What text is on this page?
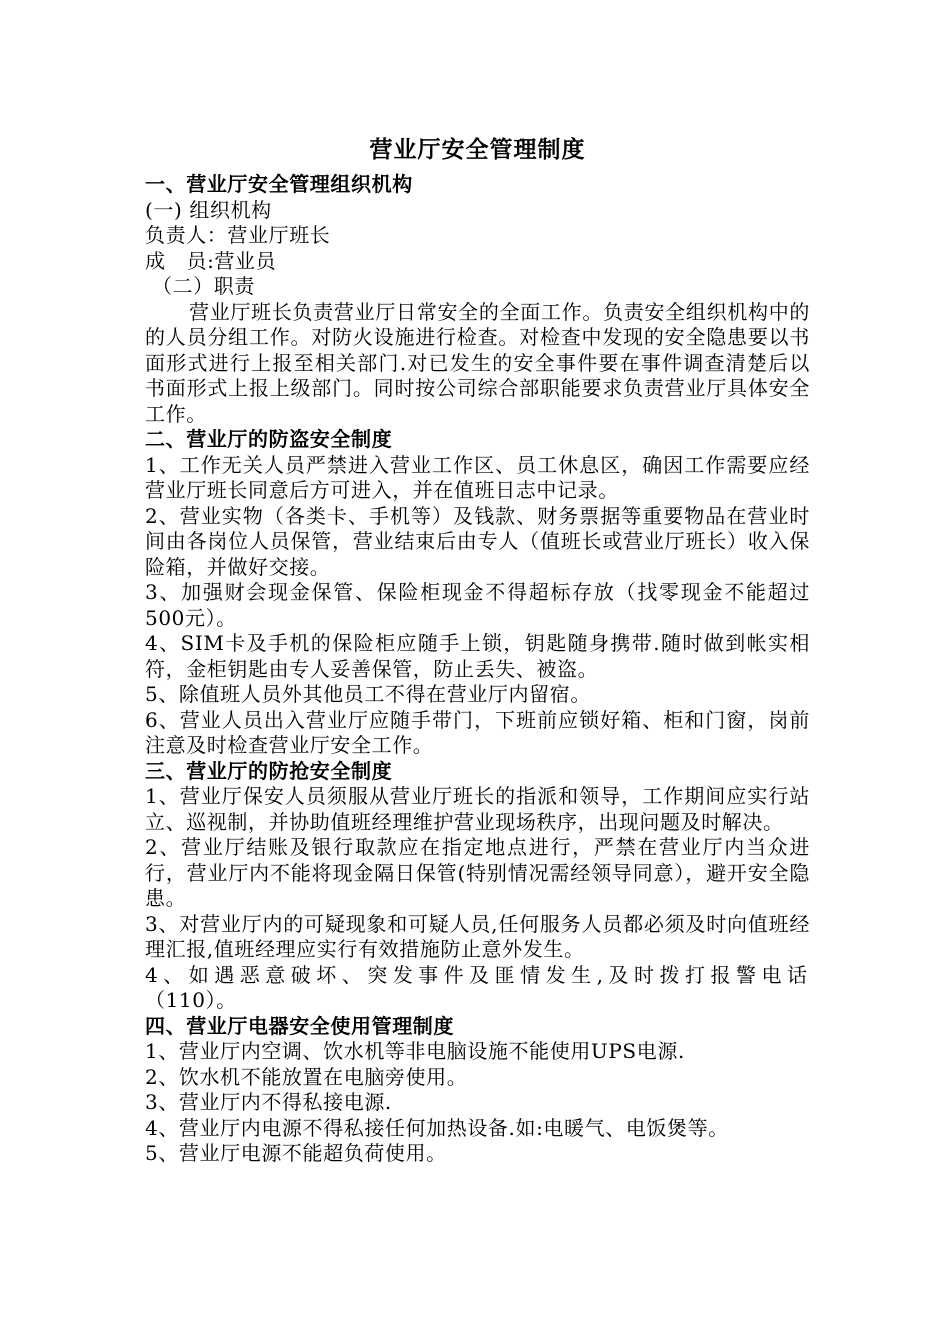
营业厅安全管理制度
一、营业厅安全管理组织机构
(一) 组织机构
负责人：营业厅班长
成   员:营业员
（二）职责
营业厅班长负责营业厅日常安全的全面工作。负责安全组织机构中的的人员分组工作。对防火设施进行检查。对检查中发现的安全隐患要以书面形式进行上报至相关部门.对已发生的安全事件要在事件调查清楚后以书面形式上报上级部门。同时按公司综合部职能要求负责营业厅具体安全工作。
二、营业厅的防盗安全制度
1、工作无关人员严禁进入营业工作区、员工休息区，确因工作需要应经营业厅班长同意后方可进入，并在值班日志中记录。
2、营业实物（各类卡、手机等）及钱款、财务票据等重要物品在营业时间由各岗位人员保管，营业结束后由专人（值班长或营业厅班长）收入保险箱，并做好交接。
3、加强财会现金保管、保险柜现金不得超标存放（找零现金不能超过500元）。
4、SIM卡及手机的保险柜应随手上锁，钥匙随身携带.随时做到帐实相符，金柜钥匙由专人妥善保管，防止丢失、被盗。
5、除值班人员外其他员工不得在营业厅内留宿。
6、营业人员出入营业厅应随手带门，下班前应锁好箱、柜和门窗，岗前注意及时检查营业厅安全工作。
三、营业厅的防抢安全制度
1、营业厅保安人员须服从营业厅班长的指派和领导，工作期间应实行站立、巡视制，并协助值班经理维护营业现场秩序，出现问题及时解决。
2、营业厅结账及银行取款应在指定地点进行，严禁在营业厅内当众进行，营业厅内不能将现金隔日保管(特别情况需经领导同意），避开安全隐患。
3、对营业厅内的可疑现象和可疑人员,任何服务人员都必须及时向值班经理汇报,值班经理应实行有效措施防止意外发生。
4、如遇恶意破坏、突发事件及匪情发生,及时拨打报警电话
（110）。
四、营业厅电器安全使用管理制度
1、营业厅内空调、饮水机等非电脑设施不能使用UPS电源.
2、饮水机不能放置在电脑旁使用。
3、营业厅内不得私接电源.
4、营业厅内电源不得私接任何加热设备.如:电暖气、电饭煲等。
5、营业厅电源不能超负荷使用。
